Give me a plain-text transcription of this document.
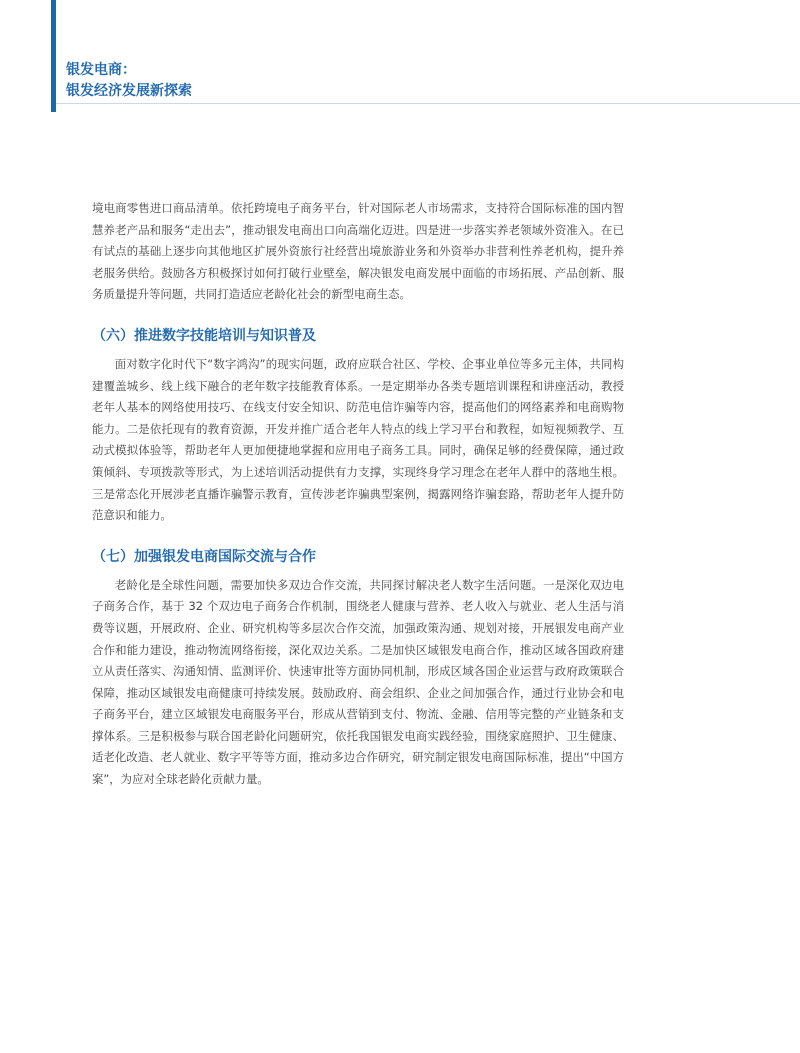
银发电商：
银发经济发展新探索

境电商零售进口商品清单。依托跨境电子商务平台，针对国际老人市场需求，支持符合国际标准的国内智慧养老产品和服务“走出去”，推动银发电商出口向高端化迈进。四是进一步落实养老领域外资准入。在已有试点的基础上逐步向其他地区扩展外资旅行社经营出境旅游业务和外资举办非营利性养老机构，提升养老服务供给。鼓励各方积极探讨如何打破行业壁垒，解决银发电商发展中面临的市场拓展、产品创新、服务质量提升等问题，共同打造适应老龄化社会的新型电商生态。

（六）推进数字技能培训与知识普及

面对数字化时代下“数字鸿沟”的现实问题，政府应联合社区、学校、企事业单位等多元主体，共同构建覆盖城乡、线上线下融合的老年数字技能教育体系。一是定期举办各类专题培训课程和讲座活动，教授老年人基本的网络使用技巧、在线支付安全知识、防范电信诈骗等内容，提高他们的网络素养和电商购物能力。二是依托现有的教育资源，开发并推广适合老年人特点的线上学习平台和教程，如短视频教学、互动式模拟体验等，帮助老年人更加便捷地掌握和应用电子商务工具。同时，确保足够的经费保障，通过政策倾斜、专项拨款等形式，为上述培训活动提供有力支撑，实现终身学习理念在老年人群中的落地生根。三是常态化开展涉老直播诈骗警示教育，宣传涉老诈骗典型案例，揭露网络诈骗套路，帮助老年人提升防范意识和能力。

（七）加强银发电商国际交流与合作

老龄化是全球性问题，需要加快多双边合作交流，共同探讨解决老人数字生活问题。一是深化双边电子商务合作，基于 32 个双边电子商务合作机制，围绕老人健康与营养、老人收入与就业、老人生活与消费等议题，开展政府、企业、研究机构等多层次合作交流，加强政策沟通、规划对接，开展银发电商产业合作和能力建设，推动物流网络衔接，深化双边关系。二是加快区域银发电商合作，推动区域各国政府建立从责任落实、沟通知情、监测评价、快速审批等方面协同机制，形成区域各国企业运营与政府政策联合保障，推动区域银发电商健康可持续发展。鼓励政府、商会组织、企业之间加强合作，通过行业协会和电子商务平台，建立区域银发电商服务平台，形成从营销到支付、物流、金融、信用等完整的产业链条和支撑体系。三是积极参与联合国老龄化问题研究，依托我国银发电商实践经验，围绕家庭照护、卫生健康、适老化改造、老人就业、数字平等等方面，推动多边合作研究，研究制定银发电商国际标准，提出“中国方案”，为应对全球老龄化贡献力量。
